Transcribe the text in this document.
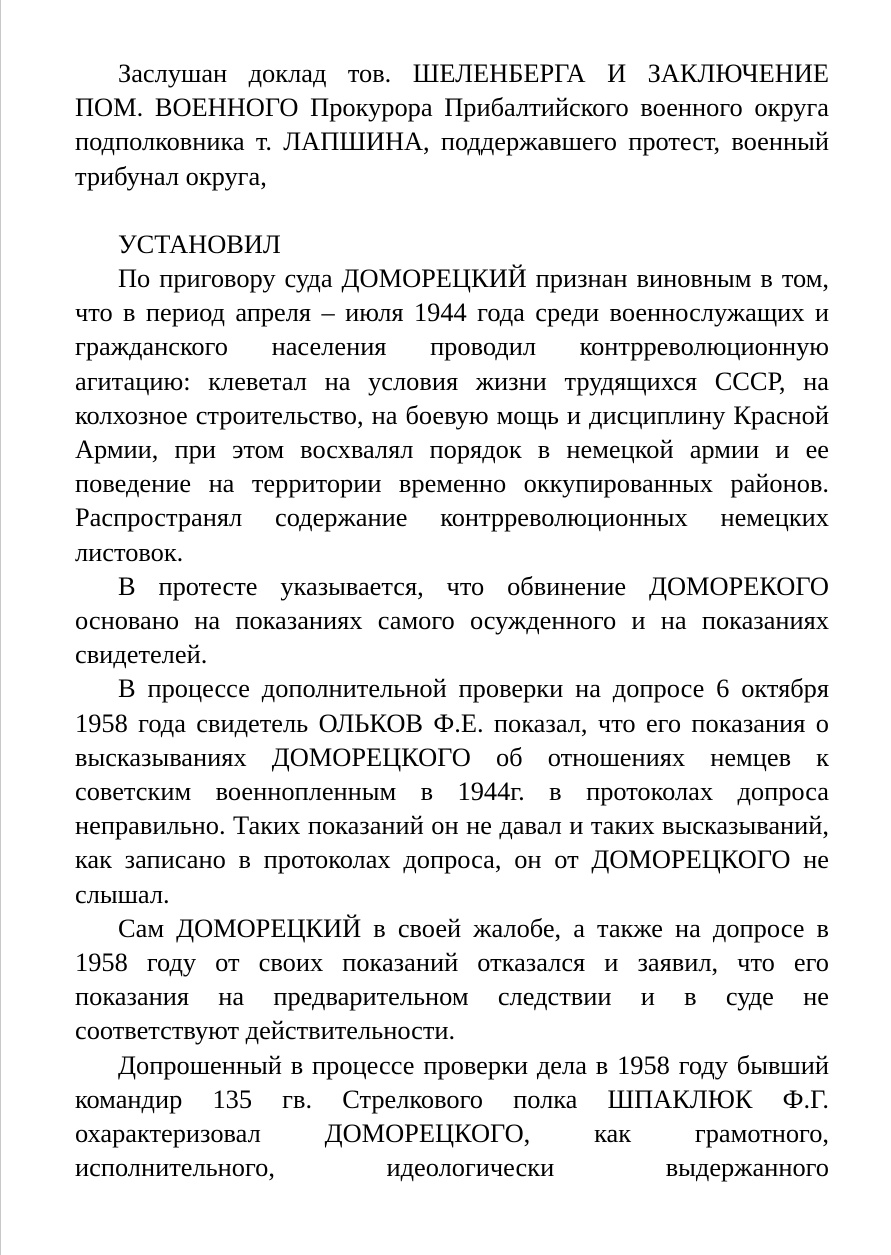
Заслушан доклад тов. ШЕЛЕНБЕРГА И ЗАКЛЮЧЕНИЕ ПОМ. ВОЕННОГО Прокурора Прибалтийского военного округа подполковника т. ЛАПШИНА, поддержавшего протест, военный трибунал округа,

УСТАНОВИЛ

По приговору суда ДОМОРЕЦКИЙ признан виновным в том, что в период апреля – июля 1944 года среди военнослужащих и гражданского населения проводил контрреволюционную агитацию: клеветал на условия жизни трудящихся СССР, на колхозное строительство, на боевую мощь и дисциплину Красной Армии, при этом восхвалял порядок в немецкой армии и ее поведение на территории временно оккупированных районов. Распространял содержание контрреволюционных немецких листовок.

В протесте указывается, что обвинение ДОМОРЕКОГО основано на показаниях самого осужденного и на показаниях свидетелей.

В процессе дополнительной проверки на допросе 6 октября 1958 года свидетель ОЛЬКОВ Ф.Е. показал, что его показания о высказываниях ДОМОРЕЦКОГО об отношениях немцев к советским военнопленным в 1944г. в протоколах допроса неправильно. Таких показаний он не давал и таких высказываний, как записано в протоколах допроса, он от ДОМОРЕЦКОГО не слышал.

Сам ДОМОРЕЦКИЙ в своей жалобе, а также на допросе в 1958 году от своих показаний отказался и заявил, что его показания на предварительном следствии и в суде не соответствуют действительности.

Допрошенный в процессе проверки дела в 1958 году бывший командир 135 гв. Стрелкового полка ШПАКЛЮК Ф.Г. охарактеризовал ДОМОРЕЦКОГО, как грамотного, исполнительного, идеологически выдержанного
